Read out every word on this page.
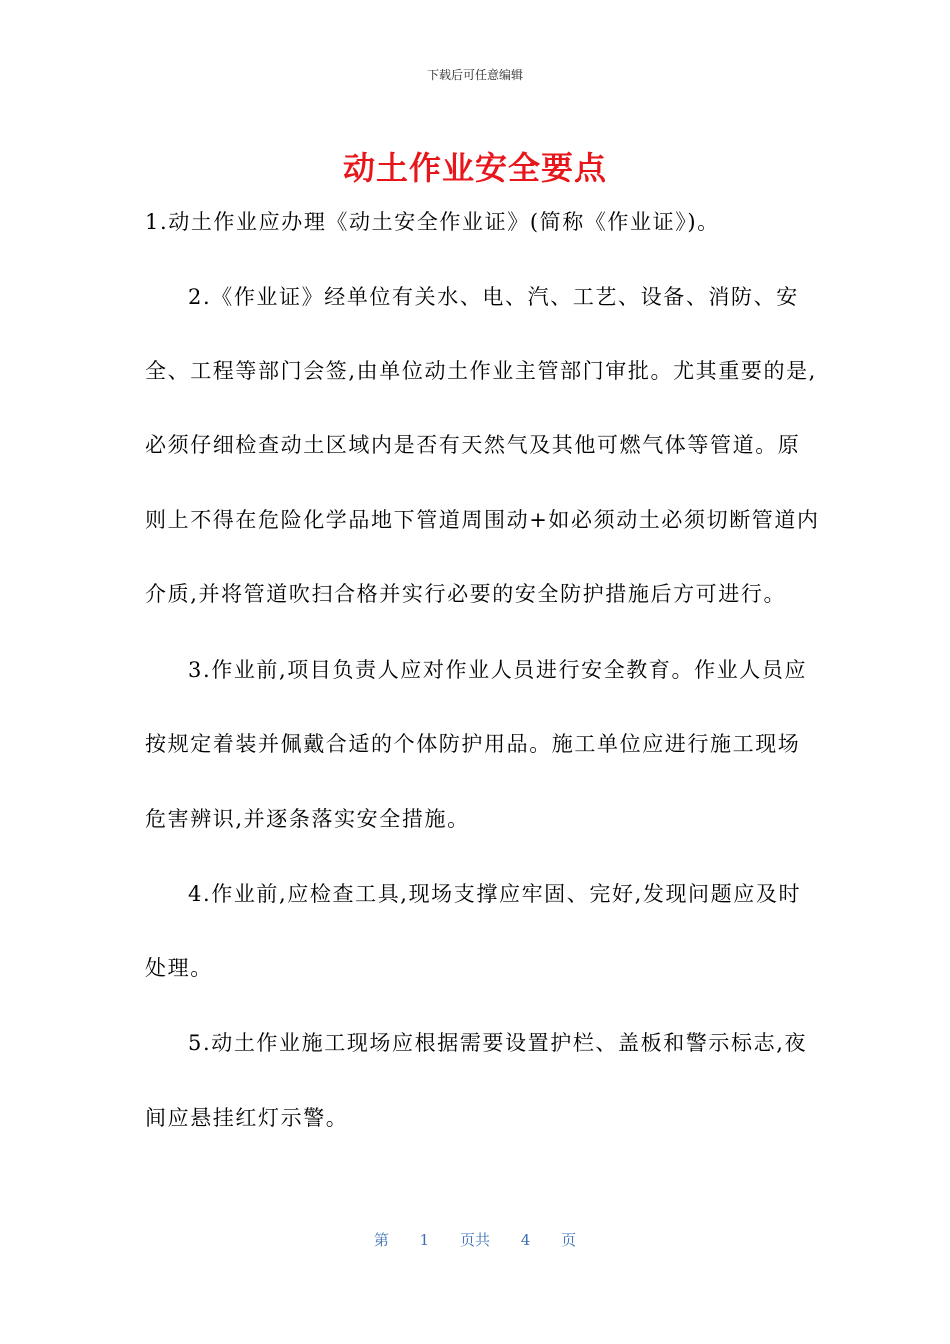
下载后可任意编辑
动土作业安全要点
1.动土作业应办理《动土安全作业证》(简称《作业证》)。
2.《作业证》经单位有关水、电、汽、工艺、设备、消防、安
全、工程等部门会签,由单位动土作业主管部门审批。尤其重要的是,
必须仔细检查动土区域内是否有天然气及其他可燃气体等管道。原
则上不得在危险化学品地下管道周围动+如必须动土必须切断管道内
介质,并将管道吹扫合格并实行必要的安全防护措施后方可进行。
3.作业前,项目负责人应对作业人员进行安全教育。作业人员应
按规定着装并佩戴合适的个体防护用品。施工单位应进行施工现场
危害辨识,并逐条落实安全措施。
4.作业前,应检查工具,现场支撑应牢固、完好,发现问题应及时
处理。
5.动土作业施工现场应根据需要设置护栏、盖板和警示标志,夜
间应悬挂红灯示警。
第 1 页共 4 页
